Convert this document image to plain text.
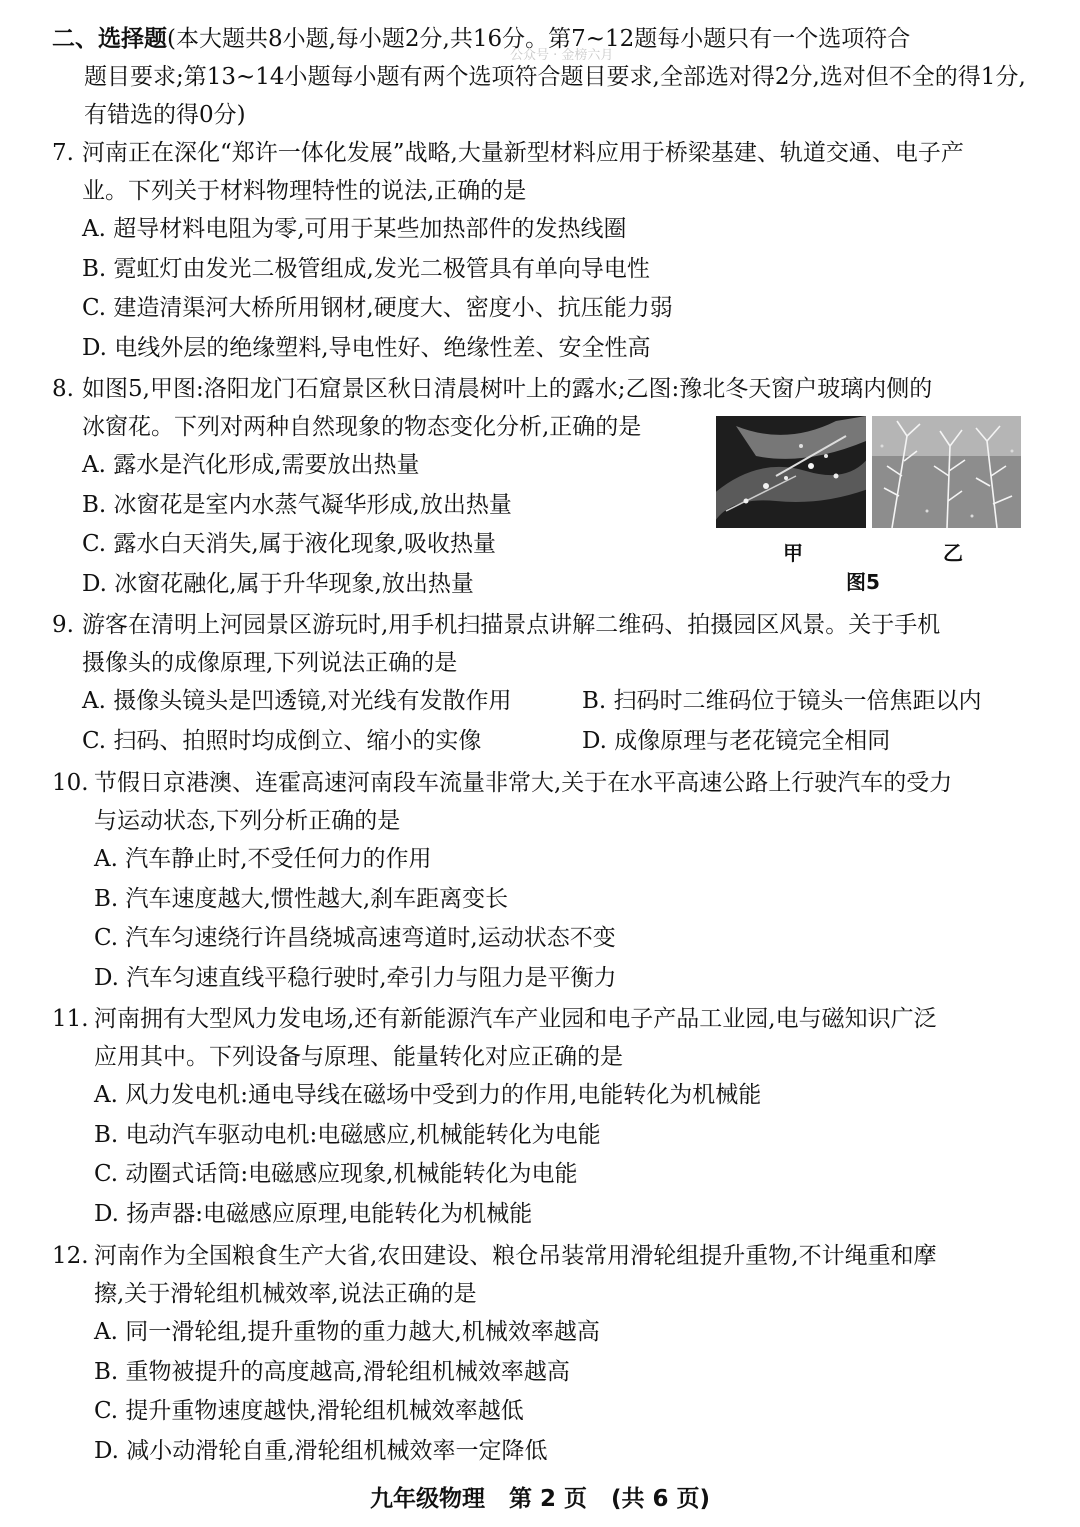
二、选择题(本大题共8小题,每小题2分,共16分。第7~12题每小题只有一个选项符合
题目要求;第13~14小题每小题有两个选项符合题目要求,全部选对得2分,选对但不全的得1分,有错选的得0分)
公众号 · 金榜六月
7. 河南正在深化“郑许一体化发展”战略,大量新型材料应用于桥梁基建、轨道交通、电子产
业。下列关于材料物理特性的说法,正确的是
A. 超导材料电阻为零,可用于某些加热部件的发热线圈
B. 霓虹灯由发光二极管组成,发光二极管具有单向导电性
C. 建造清渠河大桥所用钢材,硬度大、密度小、抗压能力弱
D. 电线外层的绝缘塑料,导电性好、绝缘性差、安全性高
8. 如图5,甲图:洛阳龙门石窟景区秋日清晨树叶上的露水;乙图:豫北冬天窗户玻璃内侧的
冰窗花。下列对两种自然现象的物态变化分析,正确的是
A. 露水是汽化形成,需要放出热量
B. 冰窗花是室内水蒸气凝华形成,放出热量
C. 露水白天消失,属于液化现象,吸收热量
D. 冰窗花融化,属于升华现象,放出热量
甲	乙
图5
9. 游客在清明上河园景区游玩时,用手机扫描景点讲解二维码、拍摄园区风景。关于手机
摄像头的成像原理,下列说法正确的是
A. 摄像头镜头是凹透镜,对光线有发散作用	B. 扫码时二维码位于镜头一倍焦距以内
C. 扫码、拍照时均成倒立、缩小的实像	D. 成像原理与老花镜完全相同
10. 节假日京港澳、连霍高速河南段车流量非常大,关于在水平高速公路上行驶汽车的受力
与运动状态,下列分析正确的是
A. 汽车静止时,不受任何力的作用
B. 汽车速度越大,惯性越大,刹车距离变长
C. 汽车匀速绕行许昌绕城高速弯道时,运动状态不变
D. 汽车匀速直线平稳行驶时,牵引力与阻力是平衡力
11. 河南拥有大型风力发电场,还有新能源汽车产业园和电子产品工业园,电与磁知识广泛
应用其中。下列设备与原理、能量转化对应正确的是
A. 风力发电机:通电导线在磁场中受到力的作用,电能转化为机械能
B. 电动汽车驱动电机:电磁感应,机械能转化为电能
C. 动圈式话筒:电磁感应现象,机械能转化为电能
D. 扬声器:电磁感应原理,电能转化为机械能
12. 河南作为全国粮食生产大省,农田建设、粮仓吊装常用滑轮组提升重物,不计绳重和摩
擦,关于滑轮组机械效率,说法正确的是
A. 同一滑轮组,提升重物的重力越大,机械效率越高
B. 重物被提升的高度越高,滑轮组机械效率越高
C. 提升重物速度越快,滑轮组机械效率越低
D. 减小动滑轮自重,滑轮组机械效率一定降低
九年级物理 第 2 页 (共 6 页)
